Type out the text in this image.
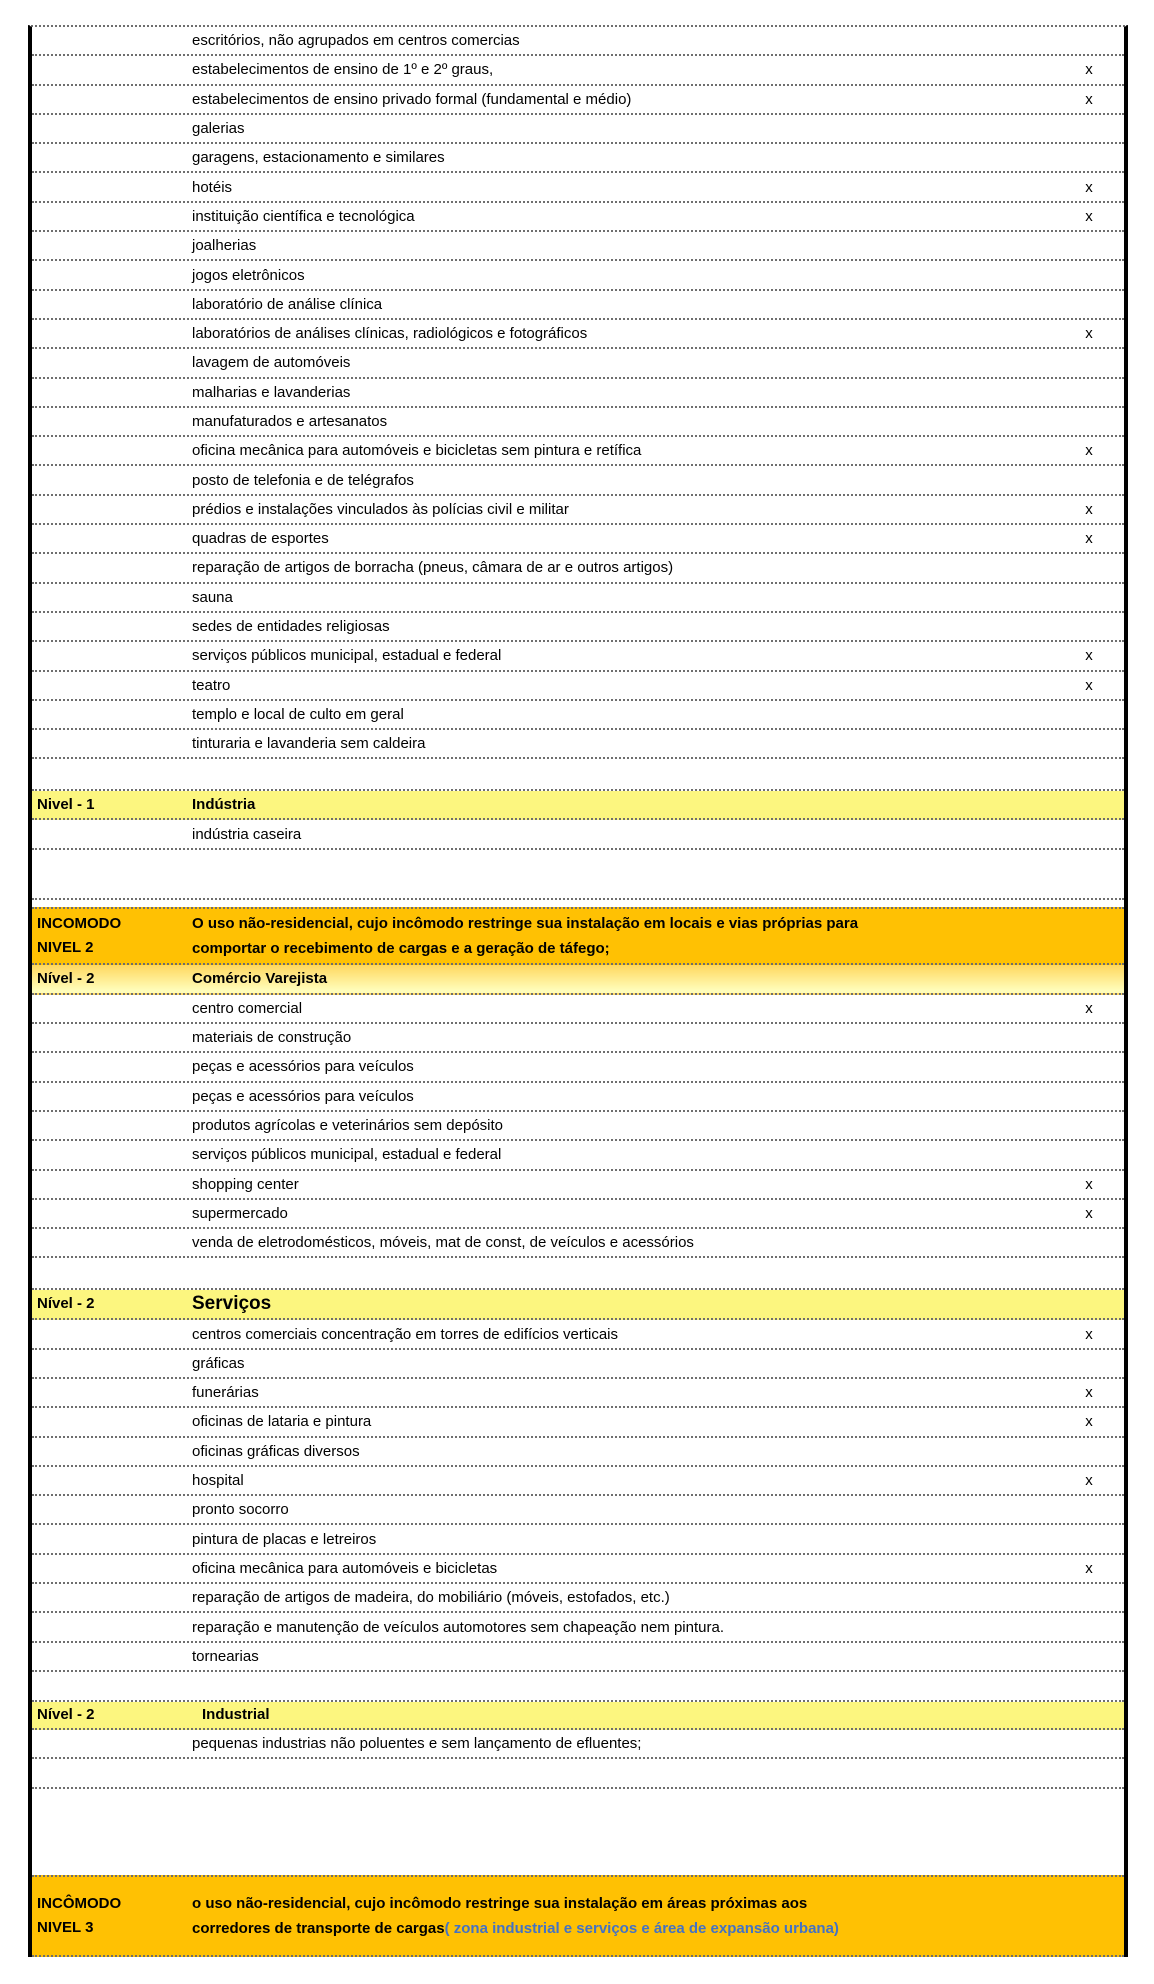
escritórios, não agrupados em centros comercias
estabelecimentos de ensino de 1º e 2º graus,	x
estabelecimentos de ensino privado formal (fundamental e médio)	x
galerias
garagens, estacionamento e similares
hotéis	x
instituição científica e tecnológica	x
joalherias
jogos eletrônicos
laboratório de análise clínica
laboratórios de análises clínicas, radiológicos e fotográficos	x
lavagem de automóveis
malharias e lavanderias
manufaturados e artesanatos
oficina mecânica para automóveis e bicicletas sem pintura e retífica	x
posto de telefonia e de telégrafos
prédios e instalações vinculados às polícias civil e militar	x
quadras de esportes	x
reparação de artigos de borracha (pneus, câmara de ar e outros artigos)
sauna
sedes de entidades religiosas
serviços públicos municipal, estadual e federal	x
teatro	x
templo e local de culto em geral
tinturaria e lavanderia sem caldeira
Nivel - 1	Indústria
indústria caseira
INCOMODO
NIVEL 2
O uso não-residencial, cujo incômodo restringe sua instalação em locais e vias próprias para
comportar o recebimento de cargas e a geração de táfego;
Nível - 2	Comércio Varejista
centro comercial	x
materiais de construção
peças e acessórios para veículos
peças e acessórios para veículos
produtos agrícolas e veterinários sem depósito
serviços públicos municipal, estadual e federal
shopping center	x
supermercado	x
venda de eletrodomésticos, móveis, mat de const, de veículos e acessórios
Nível - 2	Serviços
centros comerciais concentração em torres de edifícios verticais	x
gráficas
funerárias	x
oficinas de lataria e pintura	x
oficinas gráficas diversos
hospital	x
pronto socorro
pintura de placas e letreiros
oficina mecânica para automóveis e bicicletas	x
reparação de artigos de madeira, do mobiliário (móveis, estofados, etc.)
reparação e manutenção de veículos automotores sem chapeação nem pintura.
tornearias
Nível - 2	Industrial
pequenas industrias não poluentes e sem lançamento de efluentes;
INCÔMODO
NIVEL 3
o uso não-residencial, cujo incômodo restringe sua instalação em áreas próximas aos
corredores de transporte de cargas( zona industrial e serviços e área de expansão urbana)
